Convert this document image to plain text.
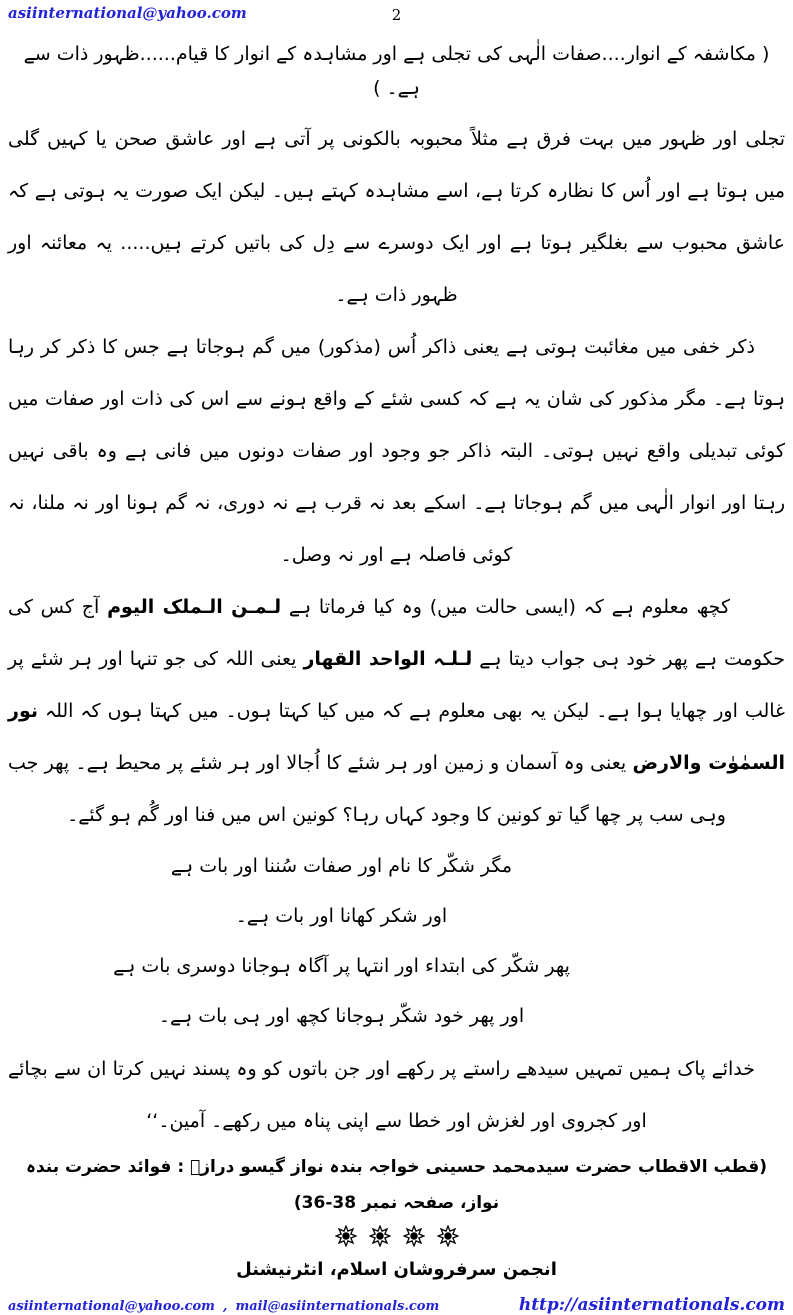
asiinternational@yahoo.com	2
( مکاشفہ کے انوار....صفات الٰہی کی تجلی ہے اور مشاہدہ کے انوار کا قیام......ظہور ذات سے ہے۔ )

تجلی اور ظہور میں بہت فرق ہے مثلاً محبوبہ بالکونی پر آتی ہے اور عاشق صحن یا کہیں گلی میں ہوتا ہے اور اُس کا نظارہ کرتا ہے، اسے مشاہدہ کہتے ہیں۔ لیکن ایک صورت یہ ہوتی ہے کہ عاشق محبوب سے بغلگیر ہوتا ہے اور ایک دوسرے سے دِل کی باتیں کرتے ہیں..... یہ معائنہ اور ظہور ذات ہے۔

ذکر خفی میں مغائبت ہوتی ہے یعنی ذاکر اُس (مذکور) میں گم ہوجاتا ہے جس کا ذکر کر رہا ہوتا ہے۔ مگر مذکور کی شان یہ ہے کہ کسی شئے کے واقع ہونے سے اس کی ذات اور صفات میں کوئی تبدیلی واقع نہیں ہوتی۔ البتہ ذاکر جو وجود اور صفات دونوں میں فانی ہے وہ باقی نہیں رہتا اور انوار الٰہی میں گم ہوجاتا ہے۔ اسکے بعد نہ قرب ہے نہ دوری، نہ گم ہونا اور نہ ملنا، نہ کوئی فاصلہ ہے اور نہ وصل۔

کچھ معلوم ہے کہ (ایسی حالت میں) وہ کیا فرماتا ہے لـمـن الـملک الیوم آج کس کی حکومت ہے پھر خود ہی جواب دیتا ہے لـلـہ الواحد القھار یعنی اللہ کی جو تنہا اور ہر شئے پر غالب اور چھایا ہوا ہے۔ لیکن یہ بھی معلوم ہے کہ میں کیا کہتا ہوں۔ میں کہتا ہوں کہ اللہ نور السمٰوٰت والارض یعنی وہ آسمان و زمین اور ہر شئے کا اُجالا اور ہر شئے پر محیط ہے۔ پھر جب وہی سب پر چھا گیا تو کونین کا وجود کہاں رہا؟ کونین اس میں فنا اور گُم ہو گئے۔

مگر شکّر کا نام اور صفات سُننا اور بات ہے
اور شکر کھانا اور بات ہے۔
پھر شکّر کی ابتداء اور انتہا پر آگاہ ہوجانا دوسری بات ہے
اور پھر خود شکّر ہوجانا کچھ اور ہی بات ہے۔

خدائے پاک ہمیں تمہیں سیدھے راستے پر رکھے اور جن باتوں کو وہ پسند نہیں کرتا ان سے بچائے اور کجروی اور لغزش اور خطا سے اپنی پناہ میں رکھے۔ آمین۔‘‘

(قطب الاقطاب حضرت سیدمحمد حسینی خواجہ بندہ نواز گیسو درازؒ : فوائد حضرت بندہ نواز، صفحہ نمبر 38-36)
انجمن سرفروشان اسلام، انٹرنیشنل
asiinternational@yahoo.com , mail@asiinternationals.com	http://asiinternationals.com
